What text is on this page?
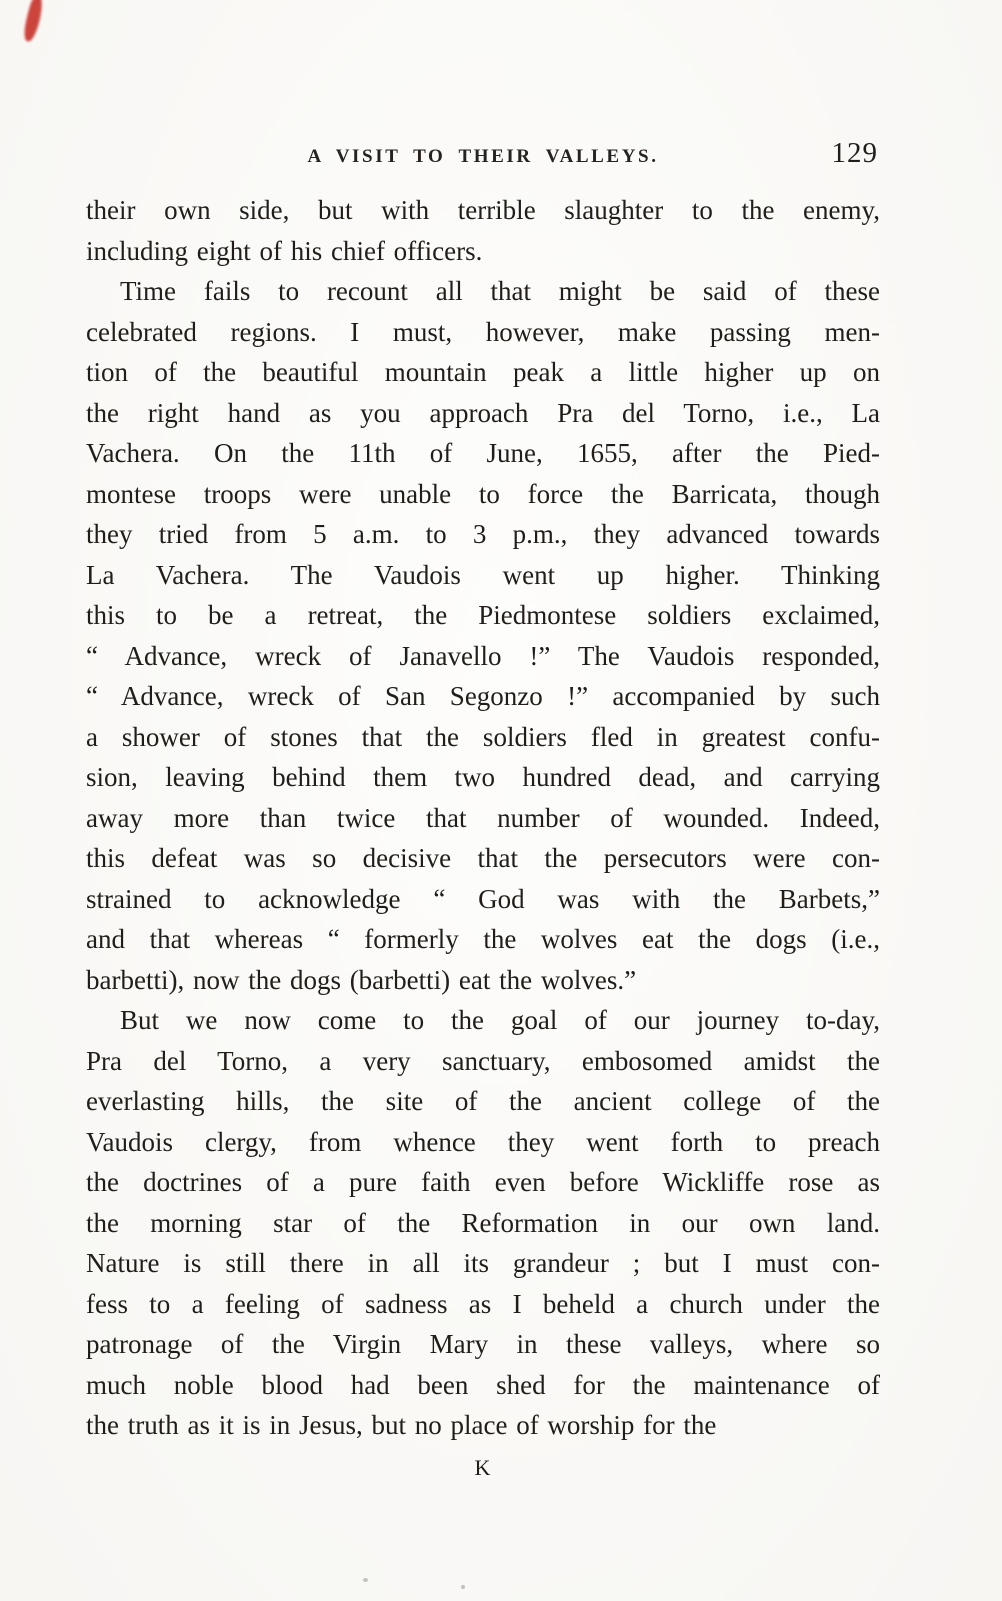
A VISIT TO THEIR VALLEYS.	129
their own side, but with terrible slaughter to the enemy,
including eight of his chief officers.
Time fails to recount all that might be said of these
celebrated regions. I must, however, make passing men-
tion of the beautiful mountain peak a little higher up on
the right hand as you approach Pra del Torno, i.e., La
Vachera. On the 11th of June, 1655, after the Pied-
montese troops were unable to force the Barricata, though
they tried from 5 a.m. to 3 p.m., they advanced towards
La Vachera. The Vaudois went up higher. Thinking
this to be a retreat, the Piedmontese soldiers exclaimed,
“ Advance, wreck of Janavello !” The Vaudois responded,
“ Advance, wreck of San Segonzo !” accompanied by such
a shower of stones that the soldiers fled in greatest confu-
sion, leaving behind them two hundred dead, and carrying
away more than twice that number of wounded. Indeed,
this defeat was so decisive that the persecutors were con-
strained to acknowledge “ God was with the Barbets,”
and that whereas “ formerly the wolves eat the dogs (i.e.,
barbetti), now the dogs (barbetti) eat the wolves.”
But we now come to the goal of our journey to-day,
Pra del Torno, a very sanctuary, embosomed amidst the
everlasting hills, the site of the ancient college of the
Vaudois clergy, from whence they went forth to preach
the doctrines of a pure faith even before Wickliffe rose as
the morning star of the Reformation in our own land.
Nature is still there in all its grandeur ; but I must con-
fess to a feeling of sadness as I beheld a church under the
patronage of the Virgin Mary in these valleys, where so
much noble blood had been shed for the maintenance of
the truth as it is in Jesus, but no place of worship for the
K
